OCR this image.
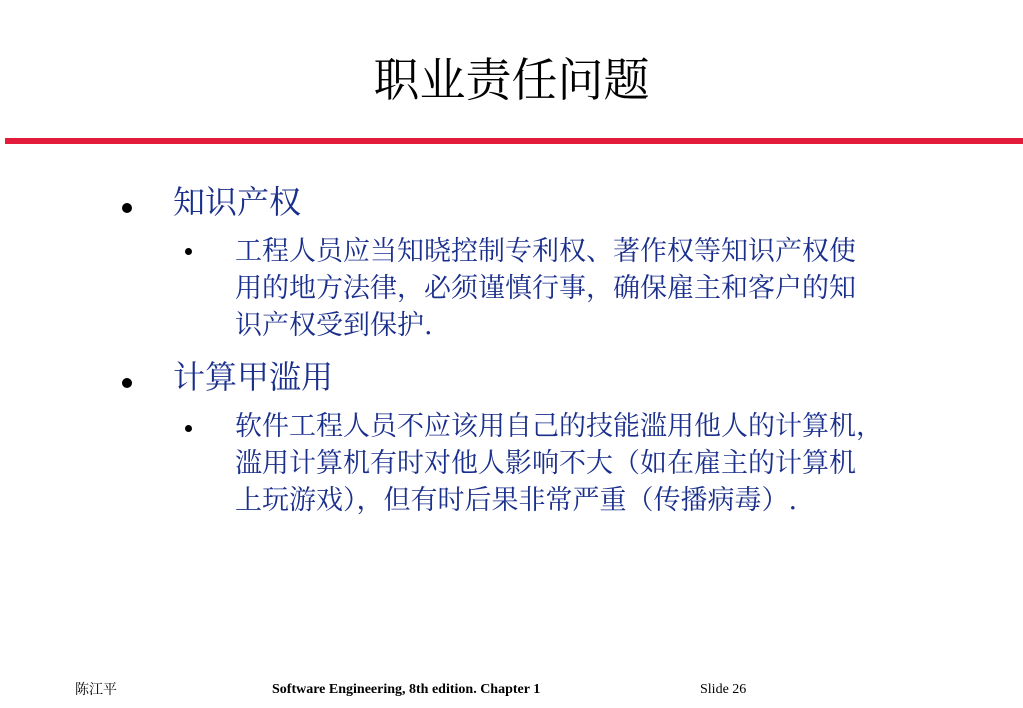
职业责任问题
知识产权
工程人员应当知晓控制专利权、著作权等知识产权使
用的地方法律，必须谨慎行事，确保雇主和客户的知
识产权受到保护.
计算甲滥用
软件工程人员不应该用自己的技能滥用他人的计算机，
滥用计算机有时对他人影响不大（如在雇主的计算机
上玩游戏），但有时后果非常严重（传播病毒）.
陈江平	Software Engineering, 8th edition. Chapter 1	Slide 26
